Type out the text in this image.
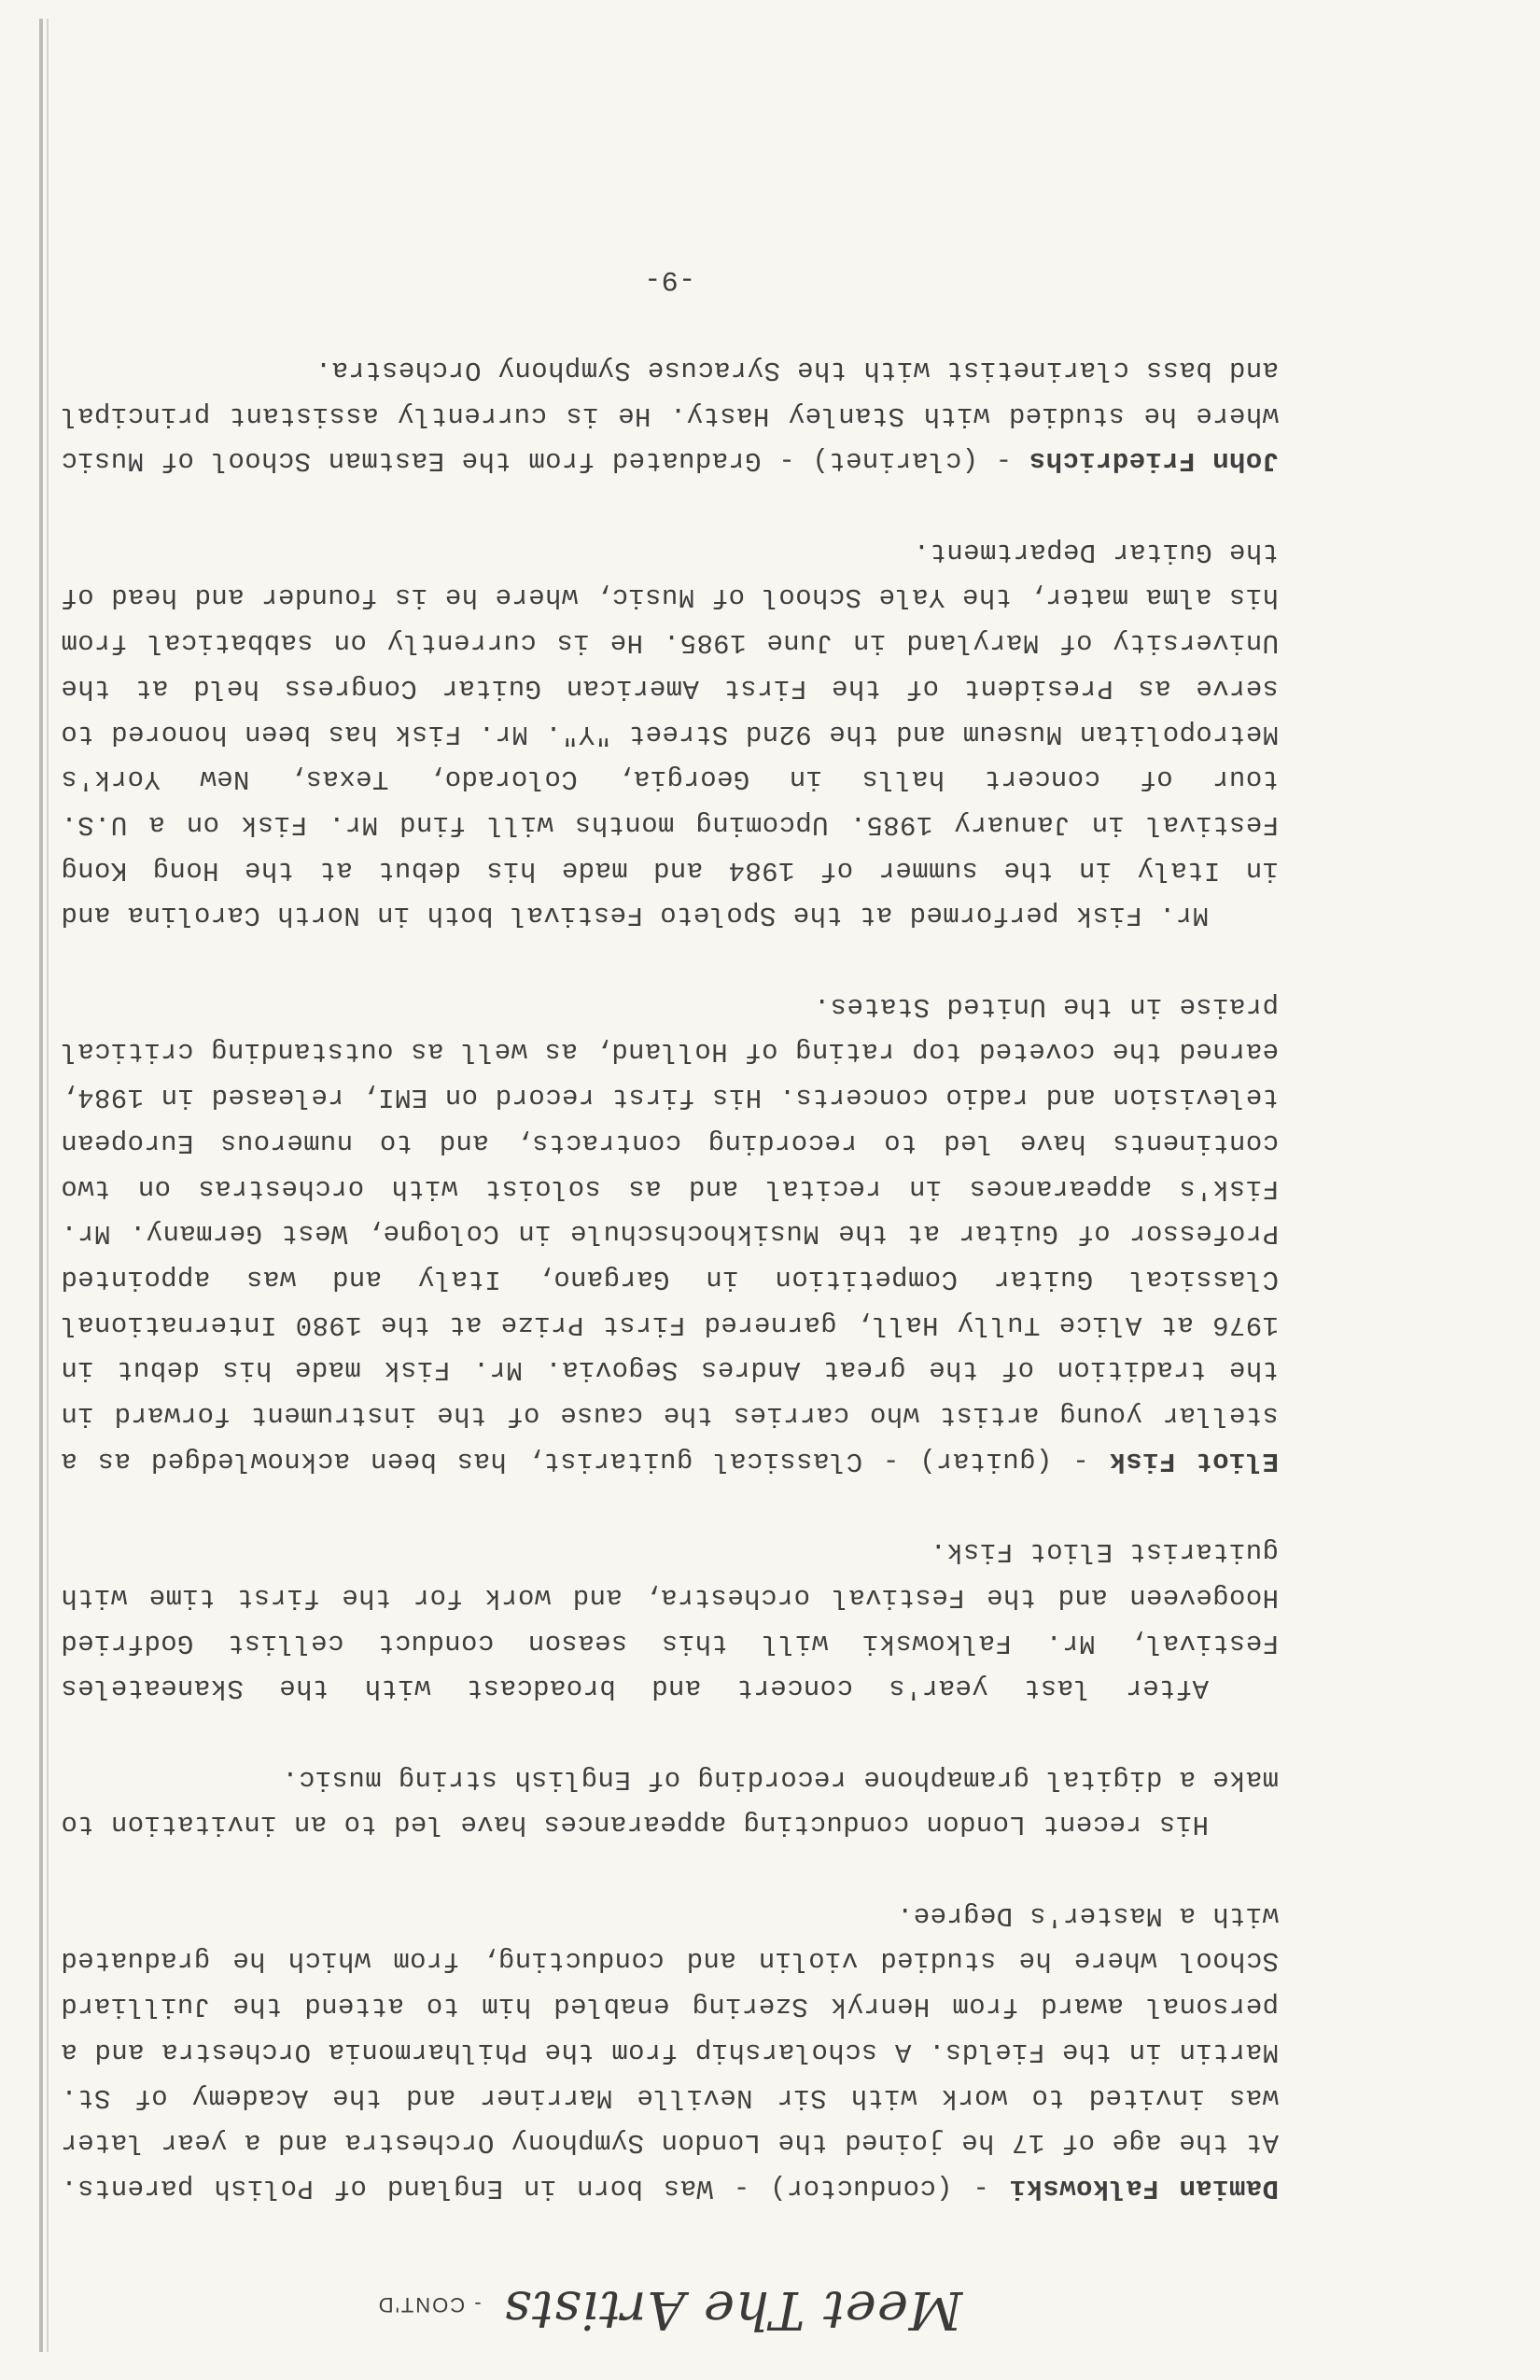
Meet The Artists $^{- CONT'D}$

Damian Falkowski - (conductor) - Was born in England of Polish parents. At the age of 17 he joined the London Symphony Orchestra and a year later was invited to work with Sir Neville Marriner and the Academy of St. Martin in the Fields. A scholarship from the Philharmonia Orchestra and a personal award from Henryk Szering enabled him to attend the Juilliard School where he studied violin and conducting, from which he graduated with a Master's Degree.

His recent London conducting appearances have led to an invitation to make a digital gramaphone recording of English string music.

After last year's concert and broadcast with the Skaneateles Festival, Mr. Falkowski will this season conduct cellist Godfried Hoogeveen and the Festival orchestra, and work for the first time with guitarist Eliot Fisk.

Eliot Fisk - (guitar) - Classical guitarist, has been acknowledged as a stellar young artist who carries the cause of the instrument forward in the tradition of the great Andres Segovia. Mr. Fisk made his debut in 1976 at Alice Tully Hall, garnered First Prize at the 1980 International Classical Guitar Competition in Gargano, Italy and was appointed Professor of Guitar at the Musikhochschule in Cologne, West Germany. Mr. Fisk's appearances in recital and as soloist with orchestras on two continents have led to recording contracts, and to numerous European television and radio concerts. His first record on EMI, released in 1984, earned the coveted top rating of Holland, as well as outstanding critical praise in the United States.

Mr. Fisk performed at the Spoleto Festival both in North Carolina and in Italy in the summer of 1984 and made his debut at the Hong Kong Festival in January 1985. Upcoming months will find Mr. Fisk on a U.S. tour of concert halls in Georgia, Colorado, Texas, New York's Metropolitan Museum and the 92nd Street "Y". Mr. Fisk has been honored to serve as President of the First American Guitar Congress held at the University of Maryland in June 1985. He is currently on sabbatical from his alma mater, the Yale School of Music, where he is founder and head of the Guitar Department.

John Friedrichs - (clarinet) - Graduated from the Eastman School of Music where he studied with Stanley Hasty. He is currently assistant principal and bass clarinetist with the Syracuse Symphony Orchestra.

-9-
